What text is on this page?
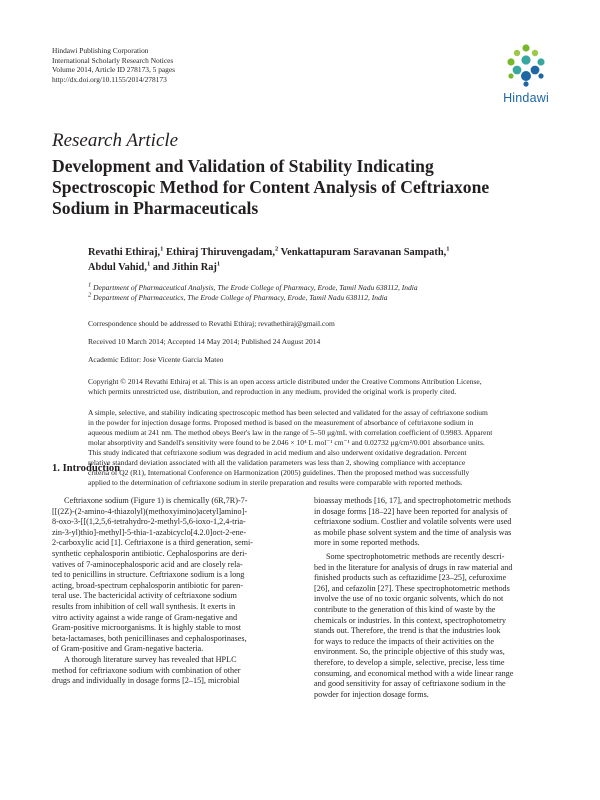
Hindawi Publishing Corporation
International Scholarly Research Notices
Volume 2014, Article ID 278173, 5 pages
http://dx.doi.org/10.1155/2014/278173
Hindawi
Research Article
Development and Validation of Stability Indicating
Spectroscopic Method for Content Analysis of Ceftriaxone
Sodium in Pharmaceuticals
Revathi Ethiraj,$^1$ Ethiraj Thiruvengadam,$^2$ Venkattapuram Saravanan Sampath,$^1$
Abdul Vahid,$^1$ and Jithin Raj$^1$
$^1$ Department of Pharmaceutical Analysis, The Erode College of Pharmacy, Erode, Tamil Nadu 638112, India
$^2$ Department of Pharmaceutics, The Erode College of Pharmacy, Erode, Tamil Nadu 638112, India
Correspondence should be addressed to Revathi Ethiraj; revathethiraj@gmail.com
Received 10 March 2014; Accepted 14 May 2014; Published 24 August 2014
Academic Editor: Jose Vicente Garcia Mateo
Copyright © 2014 Revathi Ethiraj et al. This is an open access article distributed under the Creative Commons Attribution License,
which permits unrestricted use, distribution, and reproduction in any medium, provided the original work is properly cited.
A simple, selective, and stability indicating spectroscopic method has been selected and validated for the assay of ceftriaxone sodium
in the powder for injection dosage forms. Proposed method is based on the measurement of absorbance of ceftriaxone sodium in
aqueous medium at 241 nm. The method obeys Beer's law in the range of 5–50 μg/mL with correlation coefficient of 0.9983. Apparent
molar absorptivity and Sandell's sensitivity were found to be 2.046 × 10⁴ L mol⁻¹ cm⁻¹ and 0.02732 μg/cm²/0.001 absorbance units.
This study indicated that ceftriaxone sodium was degraded in acid medium and also underwent oxidative degradation. Percent
relative standard deviation associated with all the validation parameters was less than 2, showing compliance with acceptance
criteria of Q2 (R1), International Conference on Harmonization (2005) guidelines. Then the proposed method was successfully
applied to the determination of ceftriaxone sodium in sterile preparation and results were comparable with reported methods.
1. Introduction
Ceftriaxone sodium (Figure 1) is chemically (6R,7R)-7-
[[(2Z)-(2-amino-4-thiazolyl)(methoxyimino)acetyl]amino]-
8-oxo-3-[[(1,2,5,6-tetrahydro-2-methyl-5,6-ioxo-1,2,4-tria-
zin-3-yl)thio]-methyl]-5-thia-1-azabicyclo[4.2.0]oct-2-ene-
2-carboxylic acid [1]. Ceftriaxone is a third generation, semi-
synthetic cephalosporin antibiotic. Cephalosporins are deri-
vatives of 7-aminocephalosporic acid and are closely rela-
ted to penicillins in structure. Ceftriaxone sodium is a long
acting, broad-spectrum cephalosporin antibiotic for paren-
teral use. The bactericidal activity of ceftriaxone sodium
results from inhibition of cell wall synthesis. It exerts in
vitro activity against a wide range of Gram-negative and
Gram-positive microorganisms. It is highly stable to most
beta-lactamases, both penicillinases and cephalosporinases,
of Gram-positive and Gram-negative bacteria.
A thorough literature survey has revealed that HPLC
method for ceftriaxone sodium with combination of other
drugs and individually in dosage forms [2–15], microbial
bioassay methods [16, 17], and spectrophotometric methods
in dosage forms [18–22] have been reported for analysis of
ceftriaxone sodium. Costlier and volatile solvents were used
as mobile phase solvent system and the time of analysis was
more in some reported methods.
Some spectrophotometric methods are recently descri-
bed in the literature for analysis of drugs in raw material and
finished products such as ceftazidime [23–25], cefuroxime
[26], and cefazolin [27]. These spectrophotometric methods
involve the use of no toxic organic solvents, which do not
contribute to the generation of this kind of waste by the
chemicals or industries. In this context, spectrophotometry
stands out. Therefore, the trend is that the industries look
for ways to reduce the impacts of their activities on the
environment. So, the principle objective of this study was,
therefore, to develop a simple, selective, precise, less time
consuming, and economical method with a wide linear range
and good sensitivity for assay of ceftriaxone sodium in the
powder for injection dosage forms.
